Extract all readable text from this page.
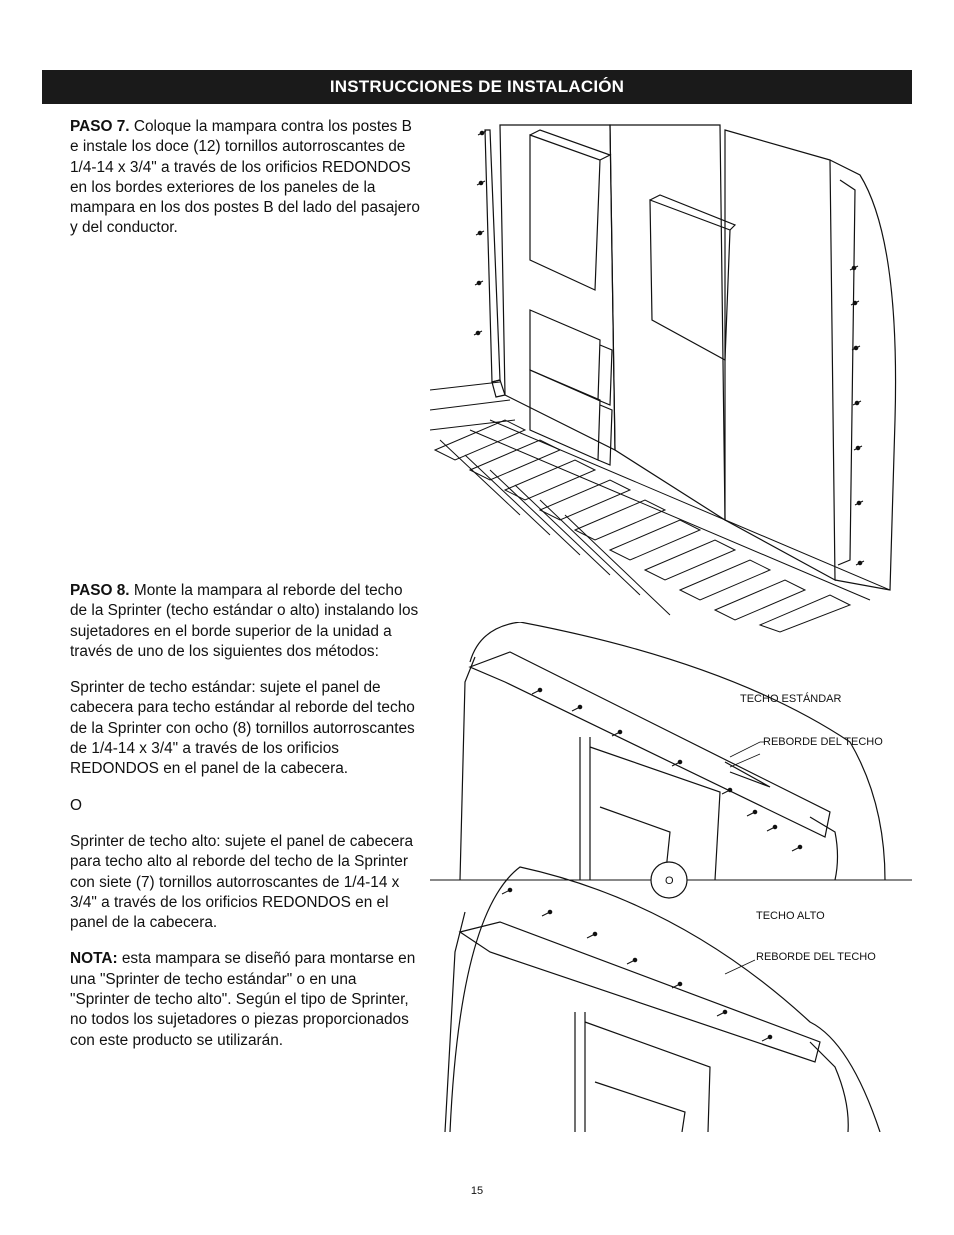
INSTRUCCIONES DE INSTALACIÓN

PASO 7. Coloque la mampara contra los postes B e instale los doce (12) tornillos autorroscantes de 1/4-14 x 3/4" a través de los orificios REDONDOS en los bordes exteriores de los paneles de la mampara en los dos postes B del lado del pasajero y del conductor.

PASO 8. Monte la mampara al reborde del techo de la Sprinter (techo estándar o alto) instalando los sujetadores en el borde superior de la unidad a través de uno de los siguientes dos métodos:

Sprinter de techo estándar: sujete el panel de cabecera para techo estándar al reborde del techo de la Sprinter con ocho (8) tornillos autorroscantes de 1/4-14 x 3/4" a través de los orificios REDONDOS en el panel de la cabecera.

O

Sprinter de techo alto: sujete el panel de cabecera para techo alto al reborde del techo de la Sprinter con siete (7) tornillos autorroscantes de 1/4-14 x 3/4" a través de los orificios REDONDOS en el panel de la cabecera.

NOTA: esta mampara se diseñó para montarse en una "Sprinter de techo estándar" o en una "Sprinter de techo alto". Según el tipo de Sprinter, no todos los sujetadores o piezas proporcionados con este producto se utilizarán.

TECHO ESTÁNDAR
REBORDE DEL TECHO
O
TECHO ALTO
REBORDE DEL TECHO
15
